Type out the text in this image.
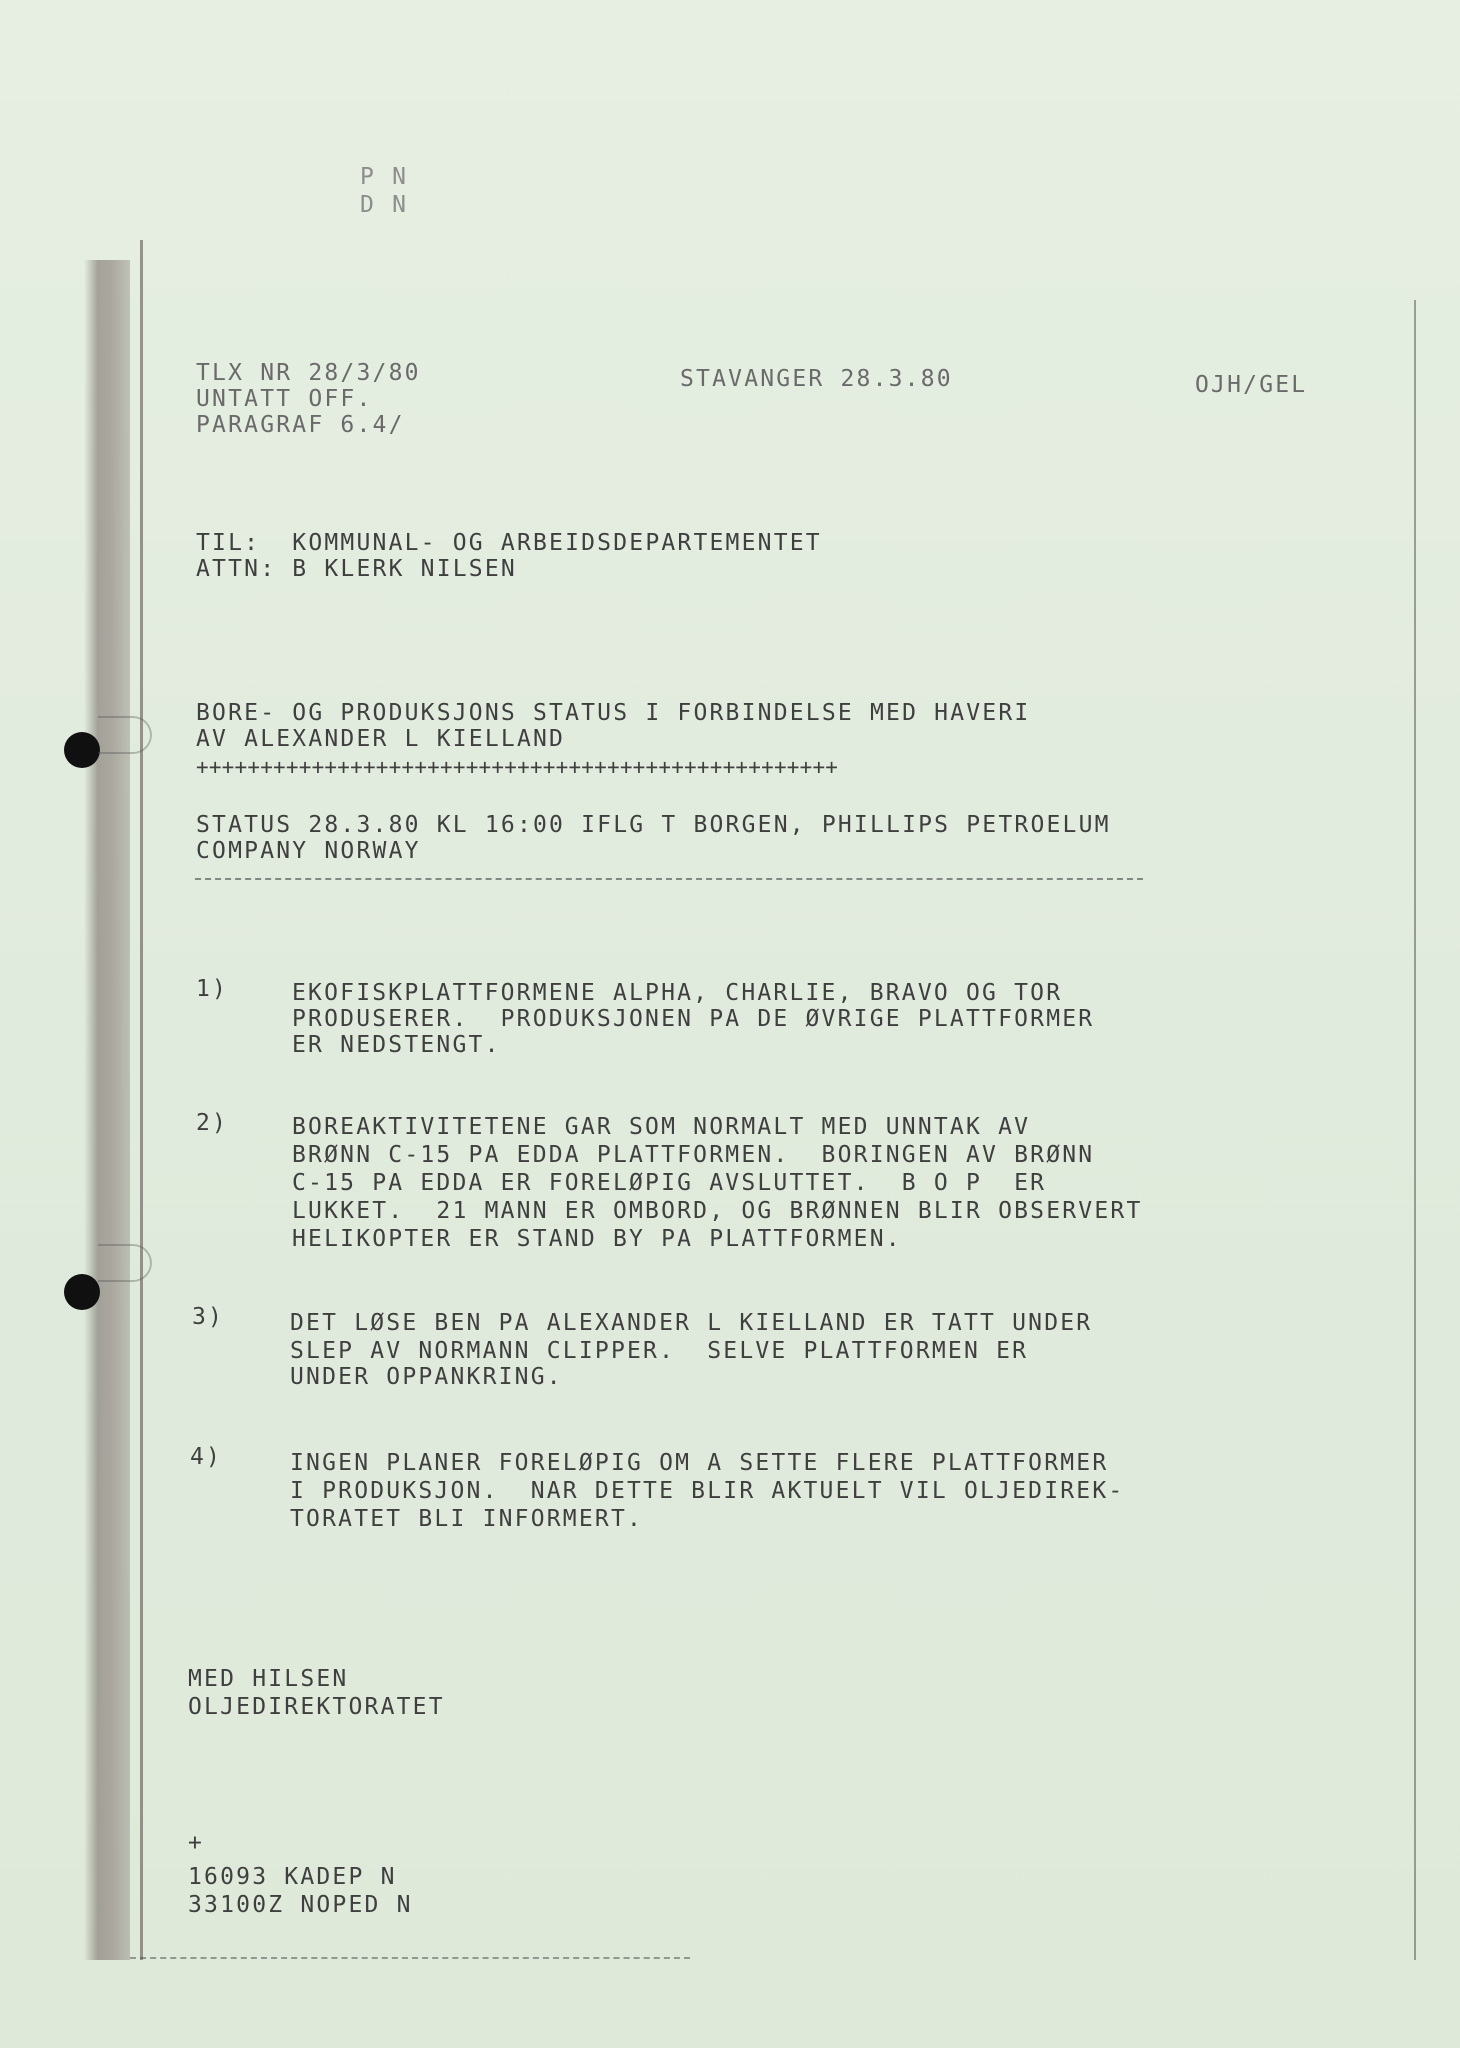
P N
D N
TLX NR 28/3/80
UNTATT OFF.
PARAGRAF 6.4/
STAVANGER 28.3.80	OJH/GEL
TIL:  KOMMUNAL- OG ARBEIDSDEPARTEMENTET
ATTN: B KLERK NILSEN
BORE- OG PRODUKSJONS STATUS I FORBINDELSE MED HAVERI
AV ALEXANDER L KIELLAND
++++++++++++++++++++++++++++++++++++++++++++++++++
STATUS 28.3.80 KL 16:00 IFLG T BORGEN, PHILLIPS PETROELUM
COMPANY NORWAY
1)	EKOFISKPLATTFORMENE ALPHA, CHARLIE, BRAVO OG TOR
PRODUSERER.  PRODUKSJONEN PA DE ØVRIGE PLATTFORMER
ER NEDSTENGT.
2)	BOREAKTIVITETENE GAR SOM NORMALT MED UNNTAK AV
BRØNN C-15 PA EDDA PLATTFORMEN.  BORINGEN AV BRØNN
C-15 PA EDDA ER FORELØPIG AVSLUTTET.  B O P  ER
LUKKET.  21 MANN ER OMBORD, OG BRØNNEN BLIR OBSERVERT
HELIKOPTER ER STAND BY PA PLATTFORMEN.
3)	DET LØSE BEN PA ALEXANDER L KIELLAND ER TATT UNDER
SLEP AV NORMANN CLIPPER.  SELVE PLATTFORMEN ER
UNDER OPPANKRING.
4)	INGEN PLANER FORELØPIG OM A SETTE FLERE PLATTFORMER
I PRODUKSJON.  NAR DETTE BLIR AKTUELT VIL OLJEDIREK-
TORATET BLI INFORMERT.
MED HILSEN
OLJEDIREKTORATET
+
16093 KADEP N
33100Z NOPED N
